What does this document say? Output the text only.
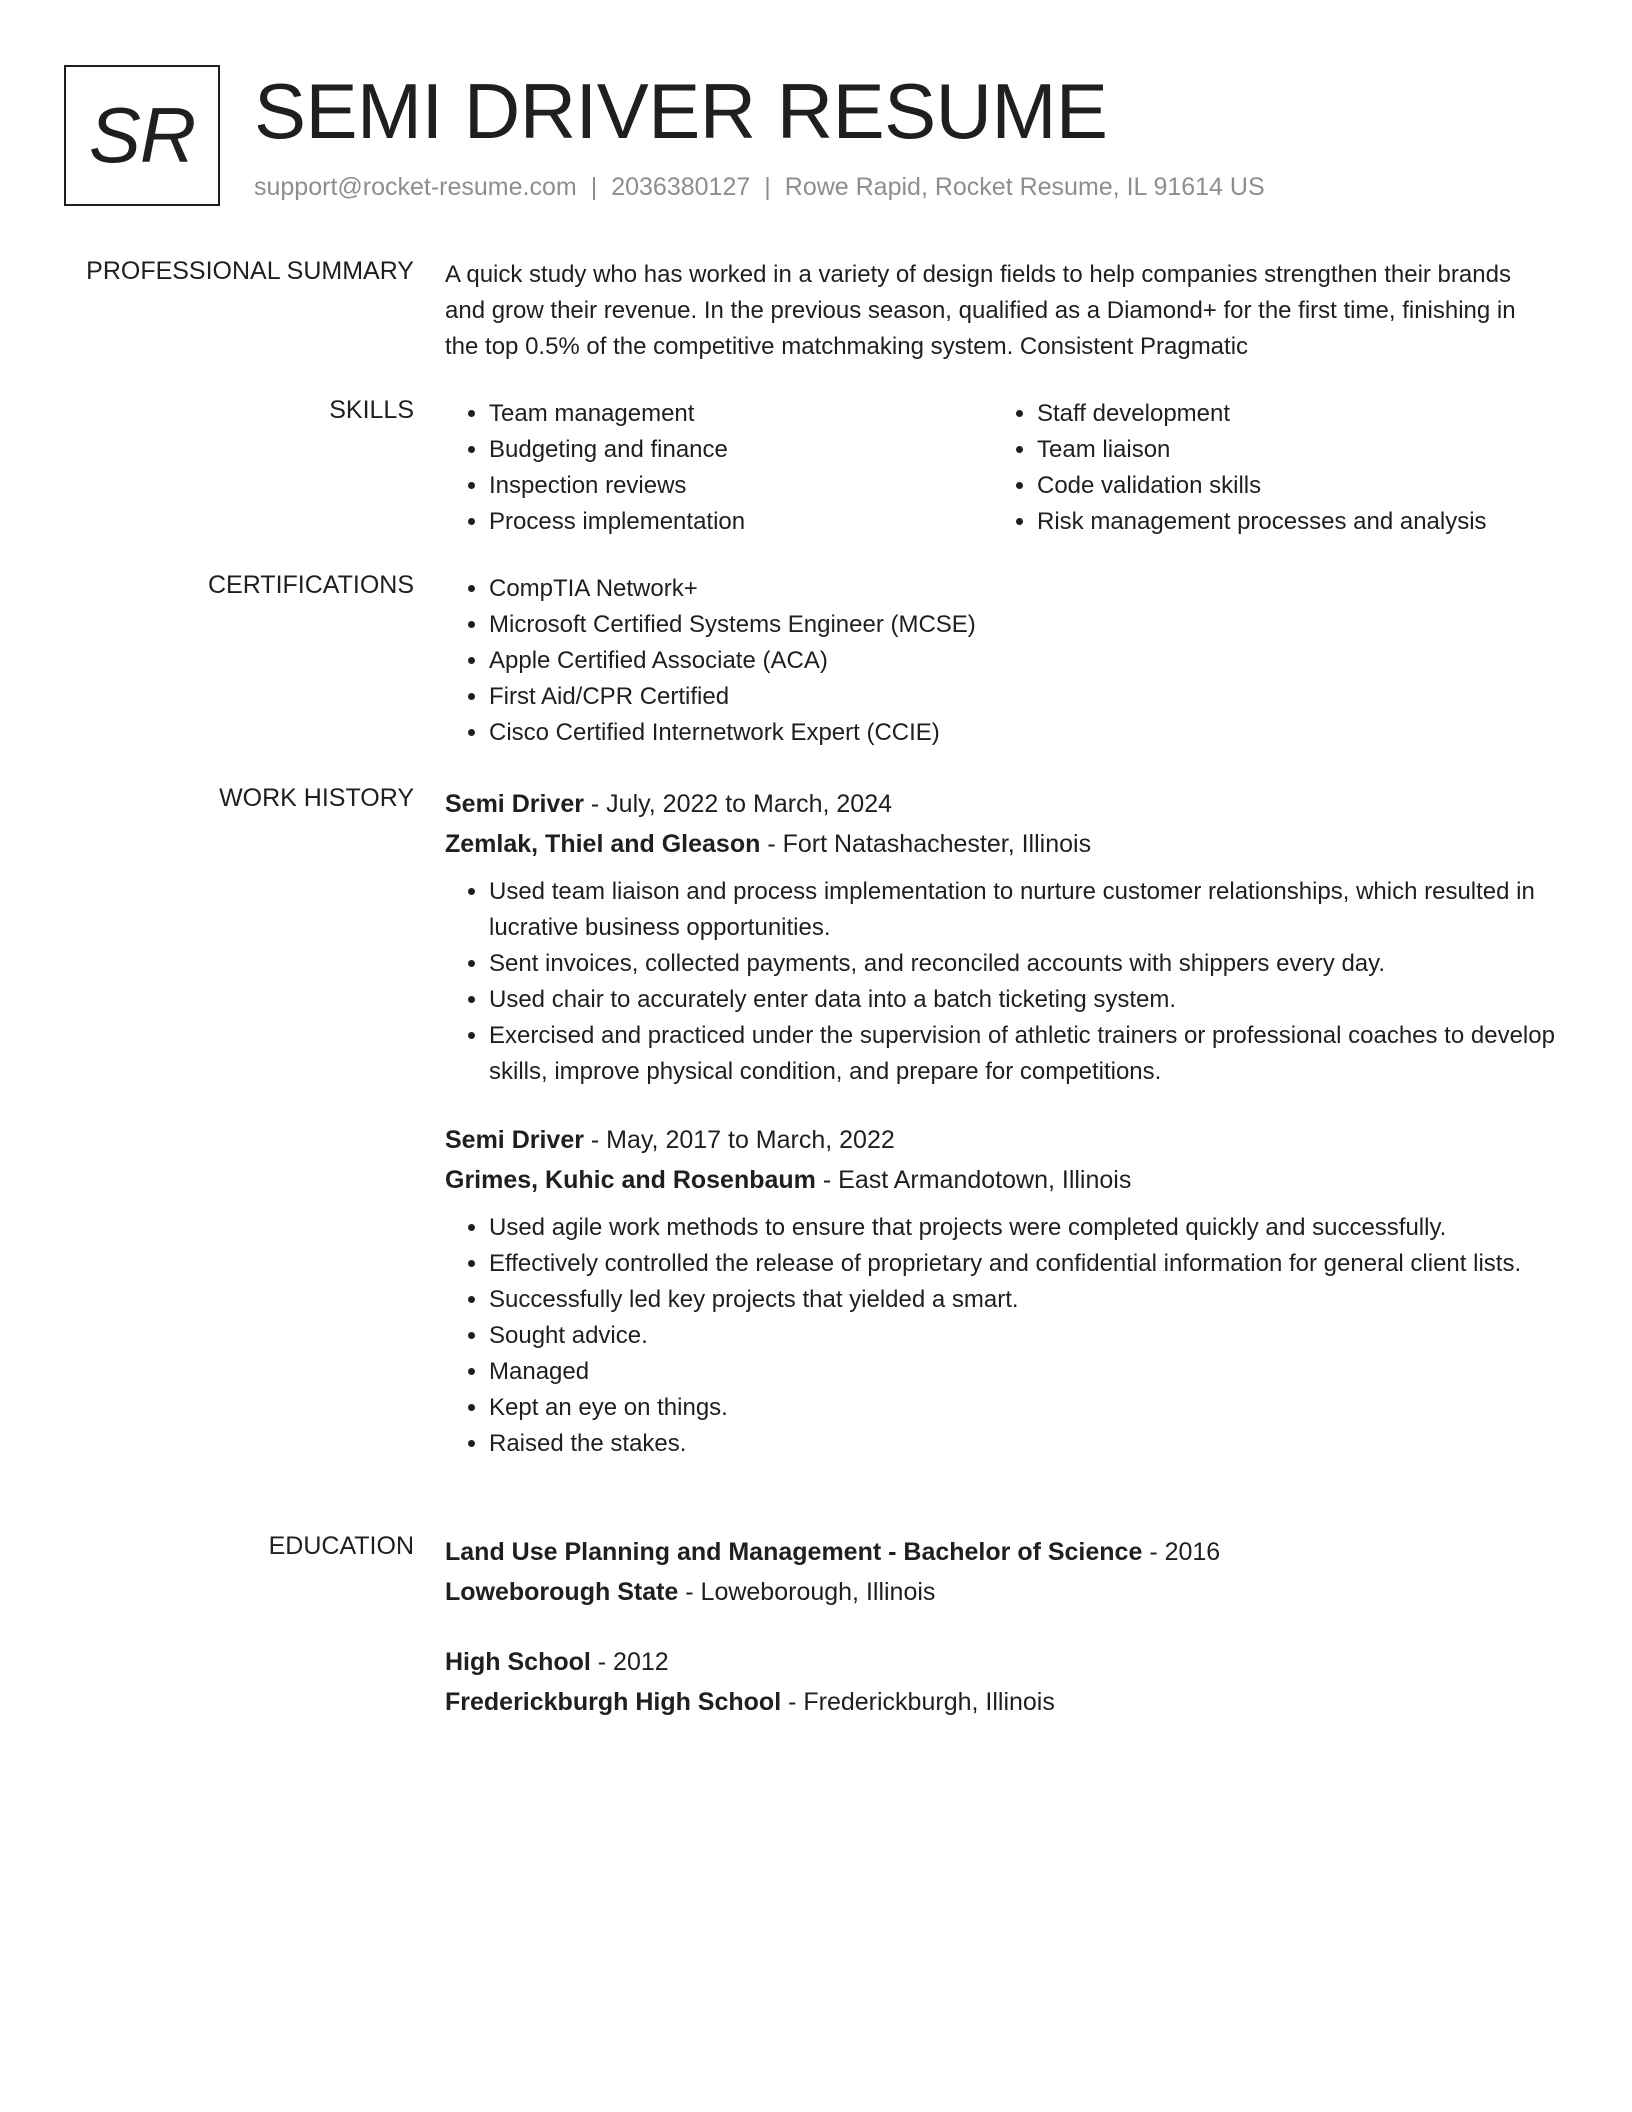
SR SEMI DRIVER RESUME
support@rocket-resume.com | 2036380127 | Rowe Rapid, Rocket Resume, IL 91614 US
PROFESSIONAL SUMMARY A quick study who has worked in a variety of design fields to help companies strengthen their brands and grow their revenue. In the previous season, qualified as a Diamond+ for the first time, finishing in the top 0.5% of the competitive matchmaking system. Consistent Pragmatic

SKILLS	• Team management
• Budgeting and finance
• Inspection reviews
• Process implementation
• Staff development
• Team liaison
• Code validation skills
• Risk management processes and analysis
CERTIFICATIONS	• CompTIA Network+
• Microsoft Certified Systems Engineer (MCSE)
• Apple Certified Associate (ACA)
• First Aid/CPR Certified
• Cisco Certified Internetwork Expert (CCIE)
WORK HISTORY Semi Driver - July, 2022 to March, 2024
Zemlak, Thiel and Gleason - Fort Natashachester, Illinois
• Used team liaison and process implementation to nurture customer relationships, which resulted in lucrative business opportunities.
• Sent invoices, collected payments, and reconciled accounts with shippers every day.
• Used chair to accurately enter data into a batch ticketing system.
• Exercised and practiced under the supervision of athletic trainers or professional coaches to develop skills, improve physical condition, and prepare for competitions.
Semi Driver - May, 2017 to March, 2022
Grimes, Kuhic and Rosenbaum - East Armandotown, Illinois
• Used agile work methods to ensure that projects were completed quickly and successfully.
• Effectively controlled the release of proprietary and confidential information for general client lists.
• Successfully led key projects that yielded a smart.
• Sought advice.
• Managed
• Kept an eye on things.
• Raised the stakes.
EDUCATION Land Use Planning and Management - Bachelor of Science - 2016
Loweborough State - Loweborough, Illinois
High School - 2012
Frederickburgh High School - Frederickburgh, Illinois
